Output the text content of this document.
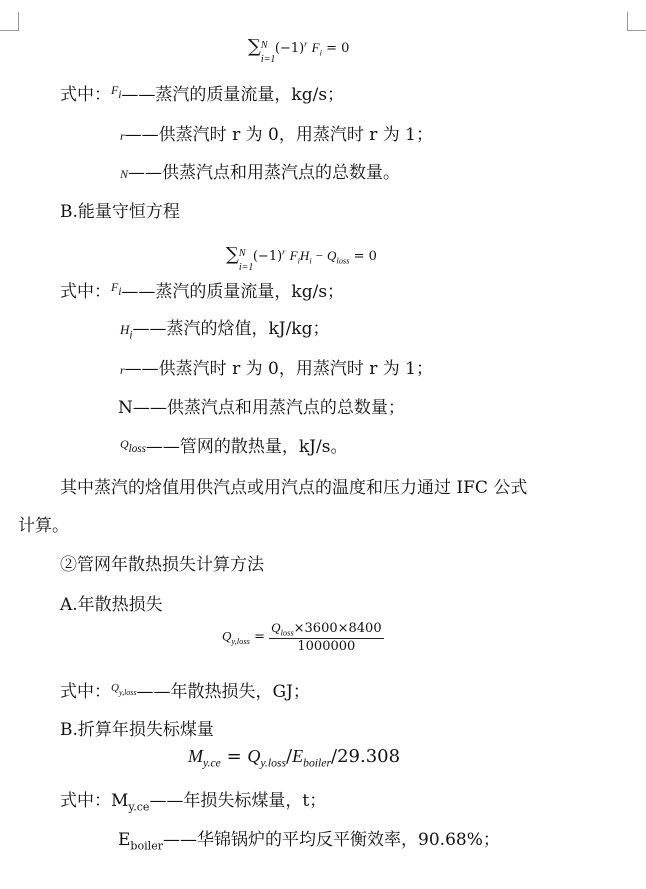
∑ N
i=1
$(-1)^r$ $F_i = 0$
式中：$^F_i$——蒸汽的质量流量，kg/s；
r——供蒸汽时 r 为 0，用蒸汽时 r 为 1；
N——供蒸汽点和用蒸汽点的总数量。
B.能量守恒方程
∑ N
i=1
$(-1)^r$ $F_iH_i - Q_{loss} = 0$
式中：$^F_i$——蒸汽的质量流量，kg/s；
$H_i——$蒸汽的焓值，kJ/kg；
r——供蒸汽时 r 为 0，用蒸汽时 r 为 1；
N——供蒸汽点和用蒸汽点的总数量；
$^Q_{loss}$——管网的散热量，kJ/s。
其中蒸汽的焓值用供汽点或用汽点的温度和压力通过 IFC 公式
计算。
②管网年散热损失计算方法
A.年散热损失
$Q_{y,loss} = \frac{Q_{loss}\times 3600\times 8400}{1000000}$
式中：$^Q_{y,loss}$——年散热损失，GJ；
B.折算年损失标煤量
$M_{y.ce} = Q_{y.loss}/E_{boiler}/29.308$
式中：$M_{y.ce}——$年损失标煤量，t；
$E_{boiler}——$华锦锅炉的平均反平衡效率，90.68%；
